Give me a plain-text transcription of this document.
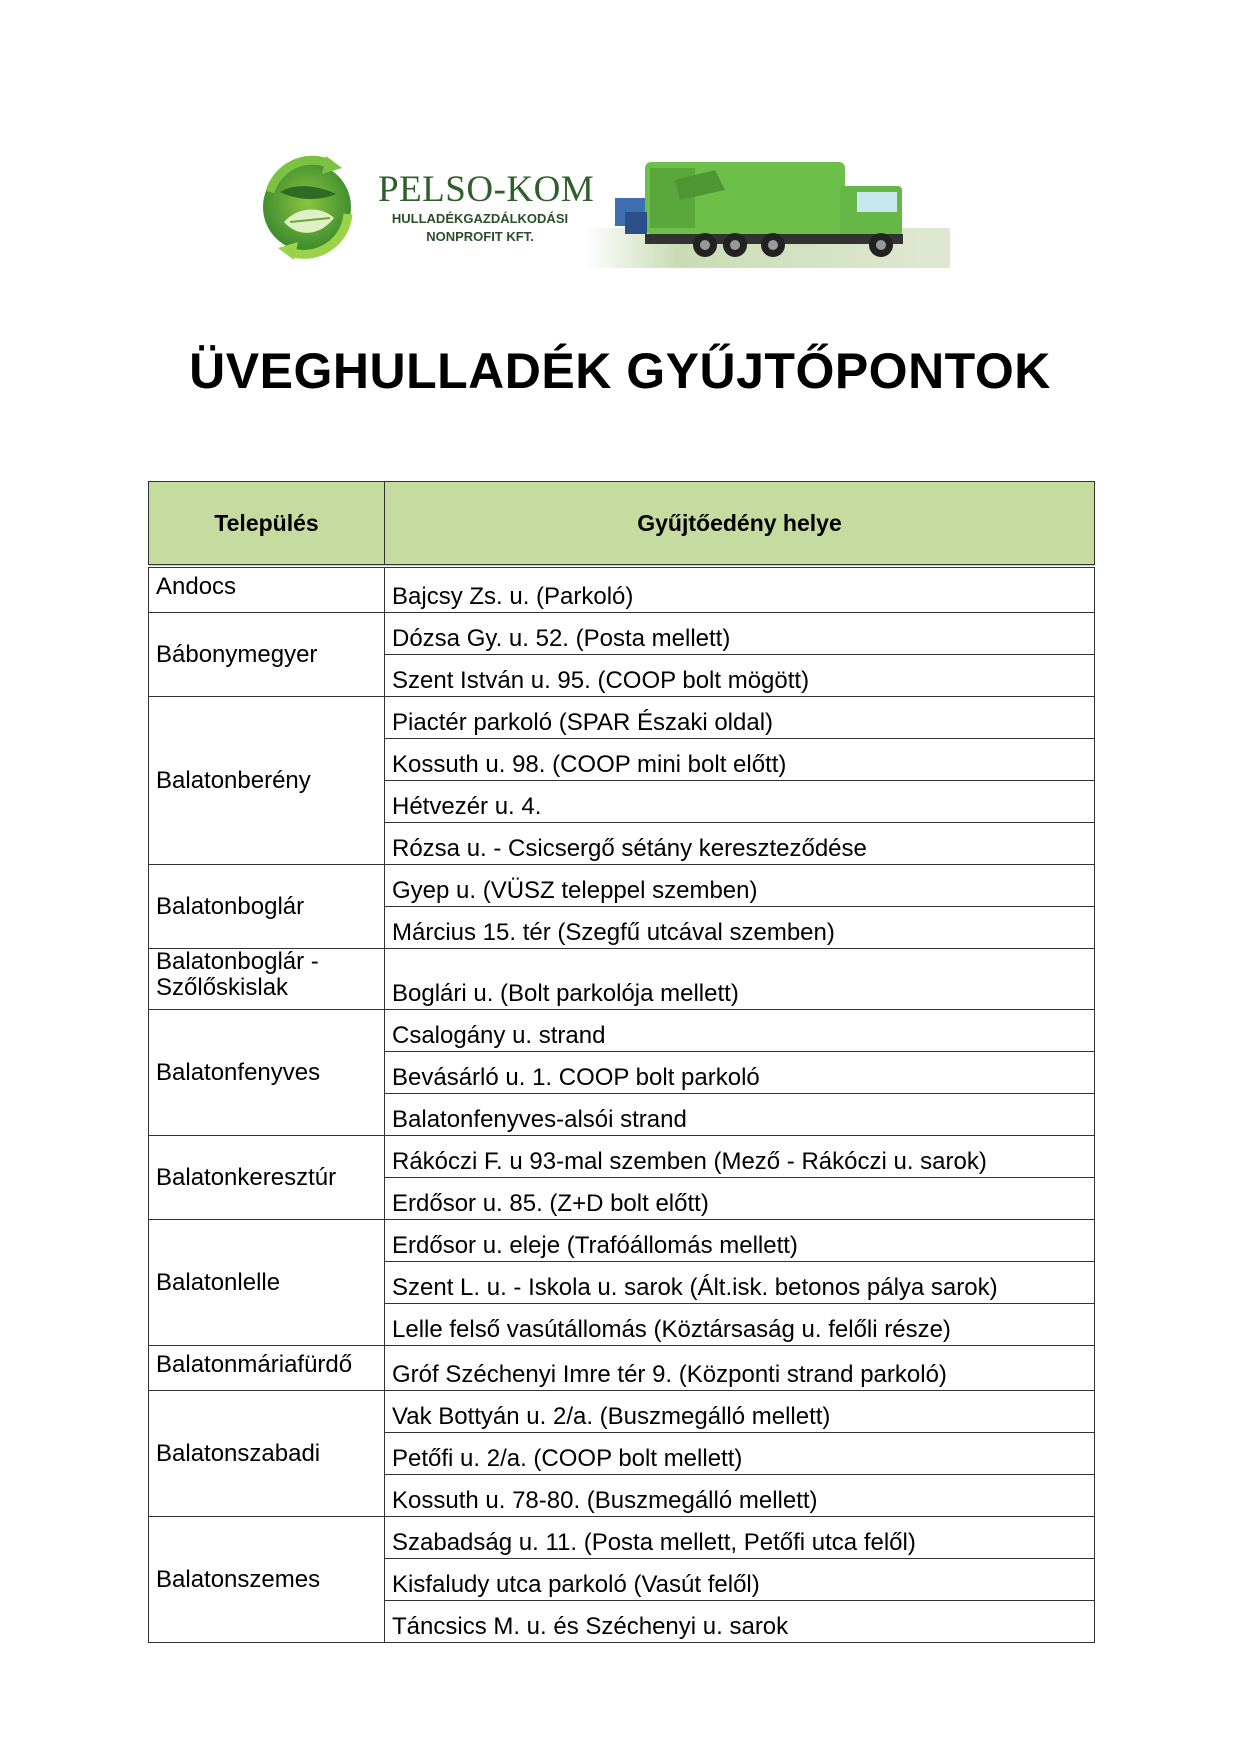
PELSO-KOM
HULLADÉKGAZDÁLKODÁSI
NONPROFIT KFT.
ÜVEGHULLADÉK GYŰJTŐPONTOK
Település	Gyűjtőedény helye
Andocs	Bajcsy Zs. u. (Parkoló)
Bábonymegyer	Dózsa Gy. u. 52. (Posta mellett)
	Szent István u. 95. (COOP bolt mögött)
Balatonberény	Piactér parkoló (SPAR Északi oldal)
	Kossuth u. 98. (COOP mini bolt előtt)
	Hétvezér u. 4.
	Rózsa u. - Csicsergő sétány kereszteződése
Balatonboglár	Gyep u. (VÜSZ teleppel szemben)
	Március 15. tér (Szegfű utcával szemben)
Balatonboglár -
Szőlőskislak	Boglári u. (Bolt parkolója mellett)
Balatonfenyves	Csalogány u. strand
	Bevásárló u. 1. COOP bolt parkoló
	Balatonfenyves-alsói strand
Balatonkeresztúr	Rákóczi F. u 93-mal szemben (Mező - Rákóczi u. sarok)
	Erdősor u. 85. (Z+D bolt előtt)
Balatonlelle	Erdősor u. eleje (Trafóállomás mellett)
	Szent L. u. - Iskola u. sarok (Ált.isk. betonos pálya sarok)
	Lelle felső vasútállomás (Köztársaság u. felőli része)
Balatonmáriafürdő	Gróf Széchenyi Imre tér 9. (Központi strand parkoló)
Balatonszabadi	Vak Bottyán u. 2/a. (Buszmegálló mellett)
	Petőfi u. 2/a. (COOP bolt mellett)
	Kossuth u. 78-80. (Buszmegálló mellett)
Balatonszemes	Szabadság u. 11. (Posta mellett, Petőfi utca felől)
	Kisfaludy utca parkoló (Vasút felől)
	Táncsics M. u. és Széchenyi u. sarok
